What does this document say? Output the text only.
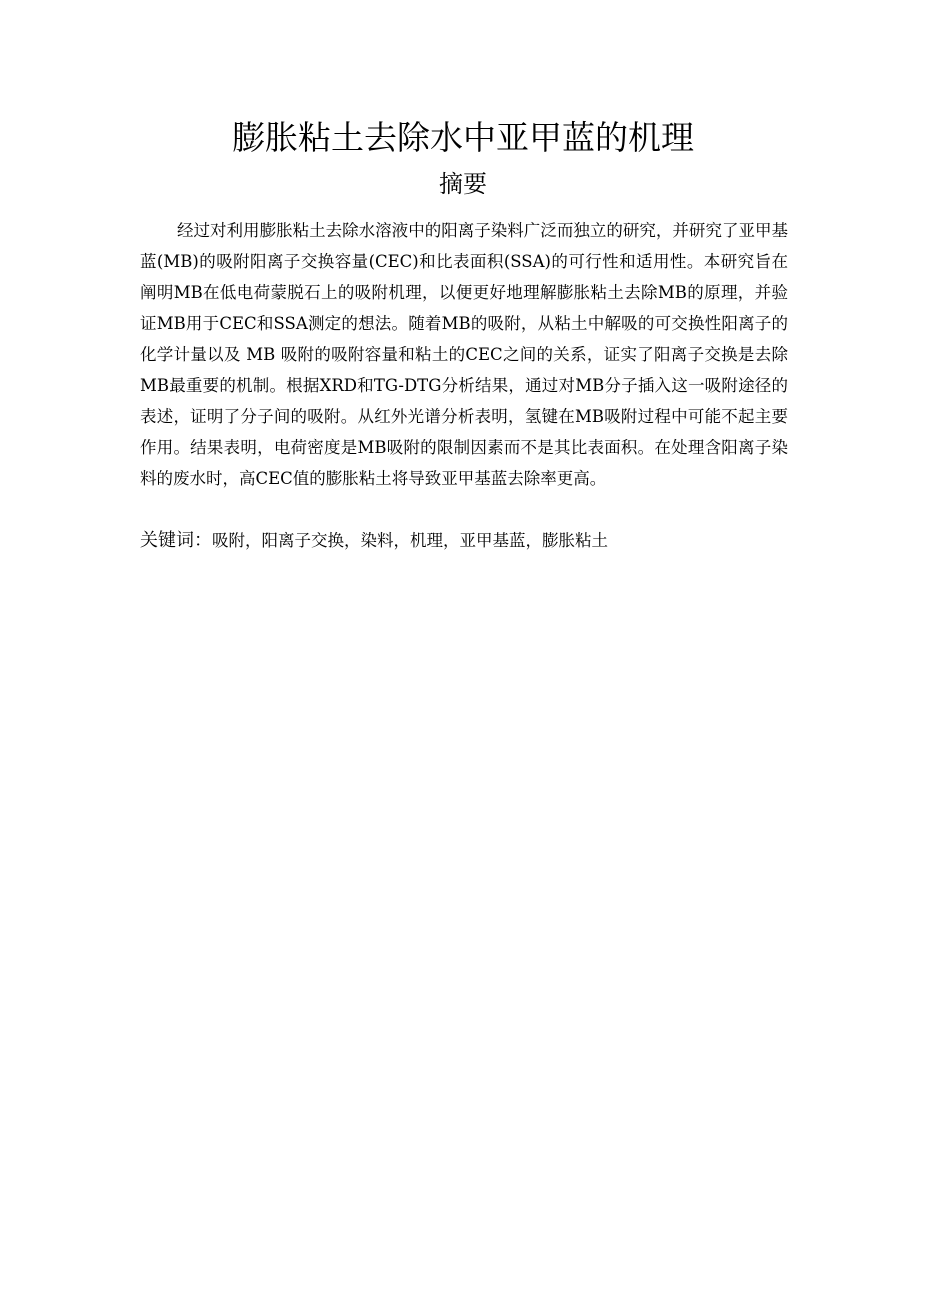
膨胀粘土去除水中亚甲蓝的机理
摘要

经过对利用膨胀粘土去除水溶液中的阳离子染料广泛而独立的研究，并研究了亚甲基蓝(MB)的吸附阳离子交换容量(CEC)和比表面积(SSA)的可行性和适用性。本研究旨在阐明MB在低电荷蒙脱石上的吸附机理，以便更好地理解膨胀粘土去除MB的原理，并验证MB用于CEC和SSA测定的想法。随着MB的吸附，从粘土中解吸的可交换性阳离子的化学计量以及 MB 吸附的吸附容量和粘土的CEC之间的关系，证实了阳离子交换是去除MB最重要的机制。根据XRD和TG-DTG分析结果，通过对MB分子插入这一吸附途径的表述，证明了分子间的吸附。从红外光谱分析表明，氢键在MB吸附过程中可能不起主要作用。结果表明，电荷密度是MB吸附的限制因素而不是其比表面积。在处理含阳离子染料的废水时，高CEC值的膨胀粘土将导致亚甲基蓝去除率更高。

关键词：吸附，阳离子交换，染料，机理，亚甲基蓝，膨胀粘土
